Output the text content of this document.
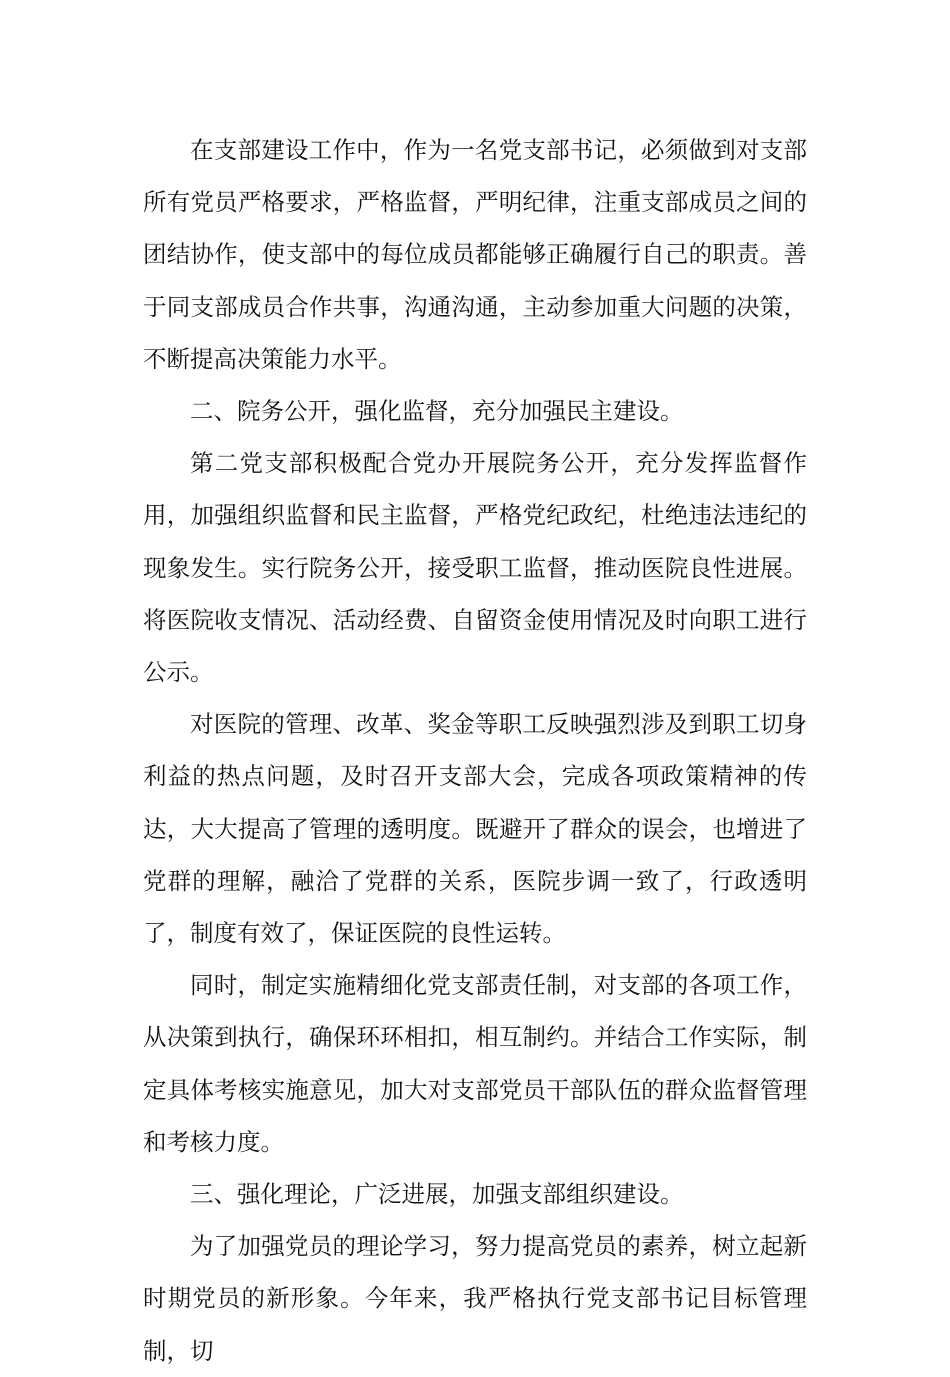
在支部建设工作中，作为一名党支部书记，必须做到对支部所有党员严格要求，严格监督，严明纪律，注重支部成员之间的团结协作，使支部中的每位成员都能够正确履行自己的职责。善于同支部成员合作共事，沟通沟通，主动参加重大问题的决策，不断提高决策能力水平。

二、院务公开，强化监督，充分加强民主建设。

第二党支部积极配合党办开展院务公开，充分发挥监督作用，加强组织监督和民主监督，严格党纪政纪，杜绝违法违纪的现象发生。实行院务公开，接受职工监督，推动医院良性进展。将医院收支情况、活动经费、自留资金使用情况及时向职工进行公示。

对医院的管理、改革、奖金等职工反映强烈涉及到职工切身利益的热点问题，及时召开支部大会，完成各项政策精神的传达，大大提高了管理的透明度。既避开了群众的误会，也增进了党群的理解，融洽了党群的关系，医院步调一致了，行政透明了，制度有效了，保证医院的良性运转。

同时，制定实施精细化党支部责任制，对支部的各项工作，从决策到执行，确保环环相扣，相互制约。并结合工作实际，制定具体考核实施意见，加大对支部党员干部队伍的群众监督管理和考核力度。

三、强化理论，广泛进展，加强支部组织建设。

为了加强党员的理论学习，努力提高党员的素养，树立起新时期党员的新形象。今年来，我严格执行党支部书记目标管理制，切
